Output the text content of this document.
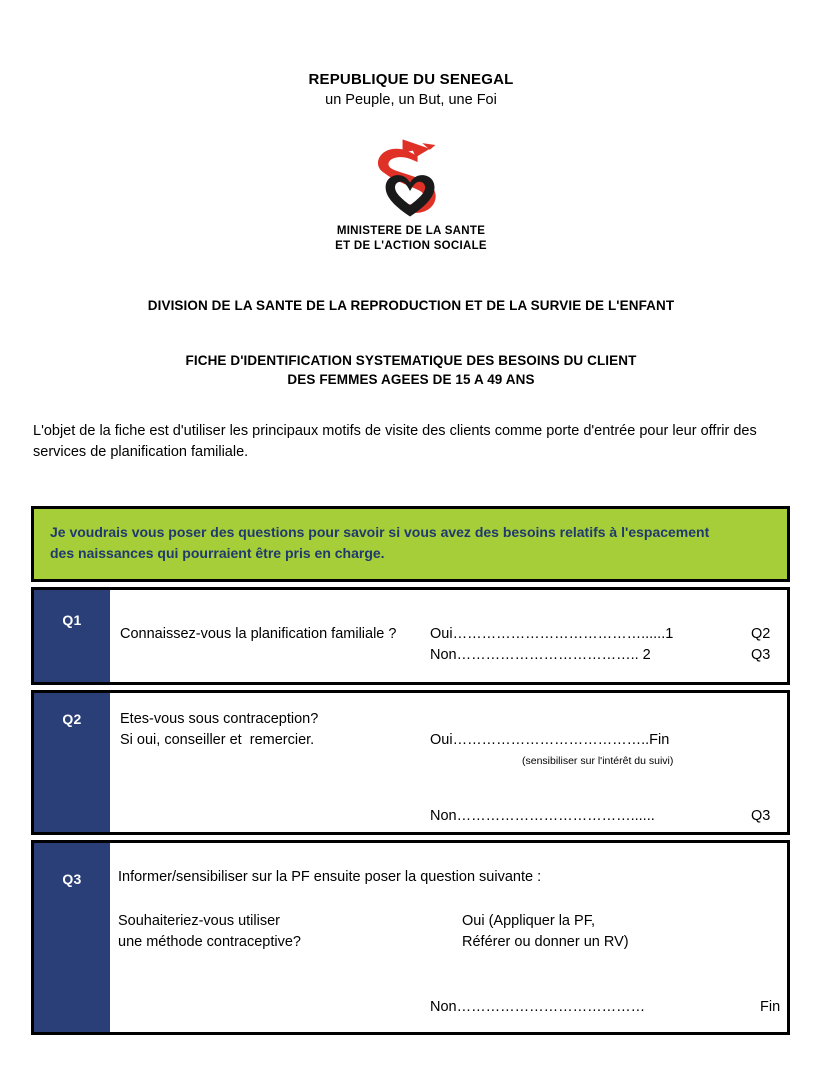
REPUBLIQUE DU SENEGAL
un Peuple, un But, une Foi
MINISTERE DE LA SANTE
ET DE L'ACTION SOCIALE
DIVISION DE LA SANTE DE LA REPRODUCTION ET DE LA SURVIE DE L'ENFANT
FICHE D'IDENTIFICATION SYSTEMATIQUE DES BESOINS DU CLIENT
DES FEMMES AGEES DE 15 A 49 ANS
L'objet de la fiche est d'utiliser les principaux motifs de visite des clients comme porte d'entrée pour leur offrir des services de planification familiale.
Je voudrais vous poser des questions pour savoir si vous avez des besoins relatifs à l'espacement
des naissances qui pourraient être pris en charge.
Q1
Connaissez-vous la planification familiale ? Oui…………………………………......1	Q2
Non……………………………….. 2	Q3
Q2	Etes-vous sous contraception?
Si oui, conseiller et  remercier.	Oui…………………………………..Fin
(sensibiliser sur l'intérêt du suivi)
Non………………………………......	Q3
Q3	Informer/sensibiliser sur la PF ensuite poser la question suivante :
Souhaiteriez-vous utiliser
une méthode contraceptive?
Oui (Appliquer la PF,
Référer ou donner un RV)
Non…………………………………	Fin
